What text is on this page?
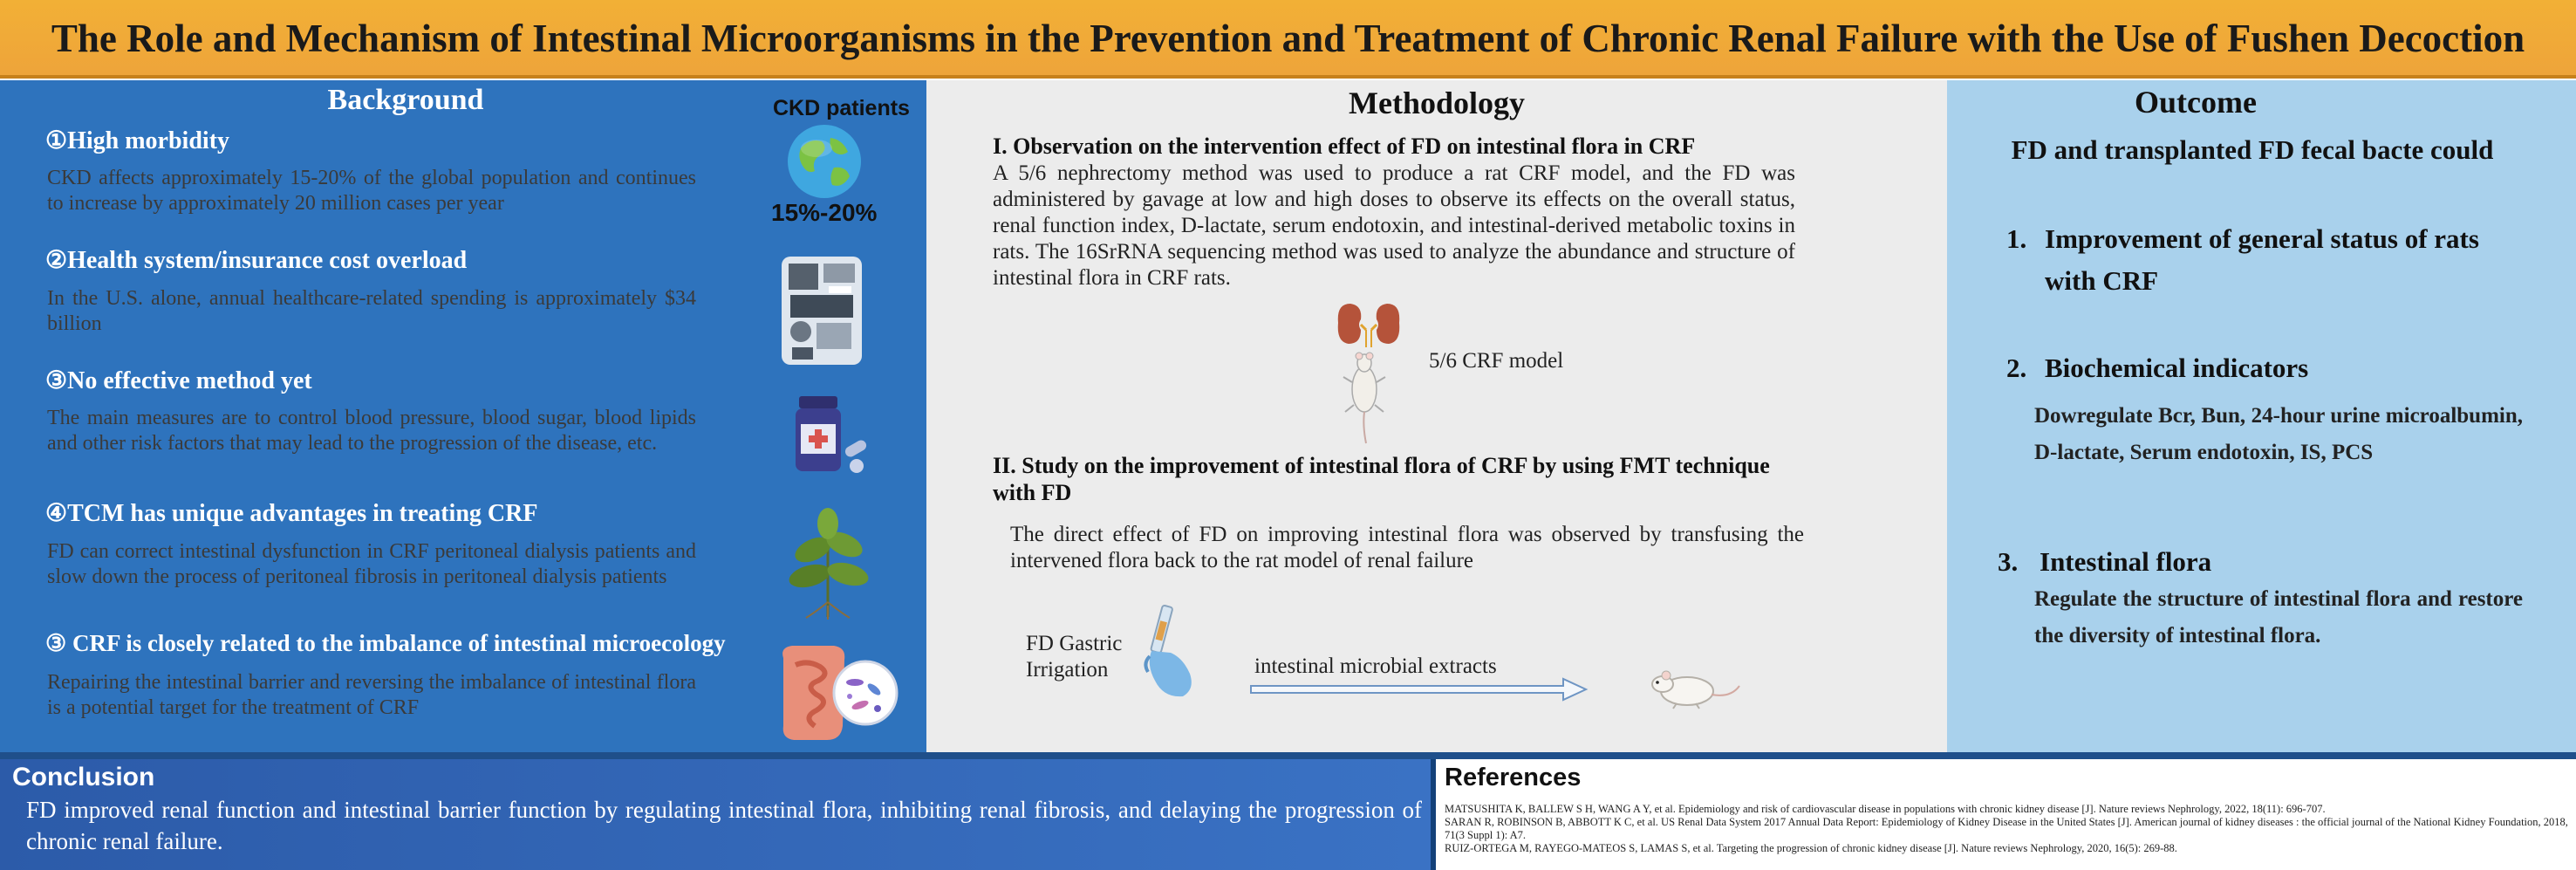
The Role and Mechanism of Intestinal Microorganisms in the Prevention and Treatment of Chronic Renal Failure with the Use of Fushen Decoction
Background
①High morbidity
CKD affects approximately 15-20% of the global population and continues to increase by approximately 20 million cases per year
②Health system/insurance cost overload
In the U.S. alone, annual healthcare-related spending is approximately $34 billion
③No effective method yet
The main measures are to control blood pressure, blood sugar, blood lipids and other risk factors that may lead to the progression of the disease, etc.
④TCM has unique advantages in treating CRF
FD can correct intestinal dysfunction in CRF peritoneal dialysis patients and slow down the process of peritoneal fibrosis in peritoneal dialysis patients
③ CRF is closely related to the imbalance of intestinal microecology
Repairing the intestinal barrier and reversing the imbalance of intestinal flora is a potential target for the treatment of CRF
CKD patients
15%-20%
Methodology
I. Observation on the intervention effect of FD on intestinal flora in CRF
A 5/6 nephrectomy method was used to produce a rat CRF model, and the FD was administered by gavage at low and high doses to observe its effects on the overall status, renal function index, D-lactate, serum endotoxin, and intestinal-derived metabolic toxins in rats. The 16SrRNA sequencing method was used to analyze the abundance and structure of intestinal flora in CRF rats.
5/6 CRF model
II. Study on the improvement of intestinal flora of CRF by using FMT technique with FD
The direct effect of FD on improving intestinal flora was observed by transfusing the intervened flora back to the rat model of renal failure
FD Gastric
Irrigation	intestinal microbial extracts
Outcome
FD and transplanted FD fecal bacte could
1. Improvement of general status of rats with CRF
2. Biochemical indicators
Dowregulate Bcr, Bun, 24-hour urine microalbumin, D-lactate, Serum endotoxin, IS, PCS
3. Intestinal flora
Regulate the structure of intestinal flora and restore the diversity of intestinal flora.
Conclusion
FD improved renal function and intestinal barrier function by regulating intestinal flora, inhibiting renal fibrosis, and delaying the progression of chronic renal failure.
References
MATSUSHITA K, BALLEW S H, WANG A Y, et al. Epidemiology and risk of cardiovascular disease in populations with chronic kidney disease [J]. Nature reviews Nephrology, 2022, 18(11): 696-707.
SARAN R, ROBINSON B, ABBOTT K C, et al. US Renal Data System 2017 Annual Data Report: Epidemiology of Kidney Disease in the United States [J]. American journal of kidney diseases : the official journal of the National Kidney Foundation, 2018, 71(3 Suppl 1): A7.
RUIZ-ORTEGA M, RAYEGO-MATEOS S, LAMAS S, et al. Targeting the progression of chronic kidney disease [J]. Nature reviews Nephrology, 2020, 16(5): 269-88.
